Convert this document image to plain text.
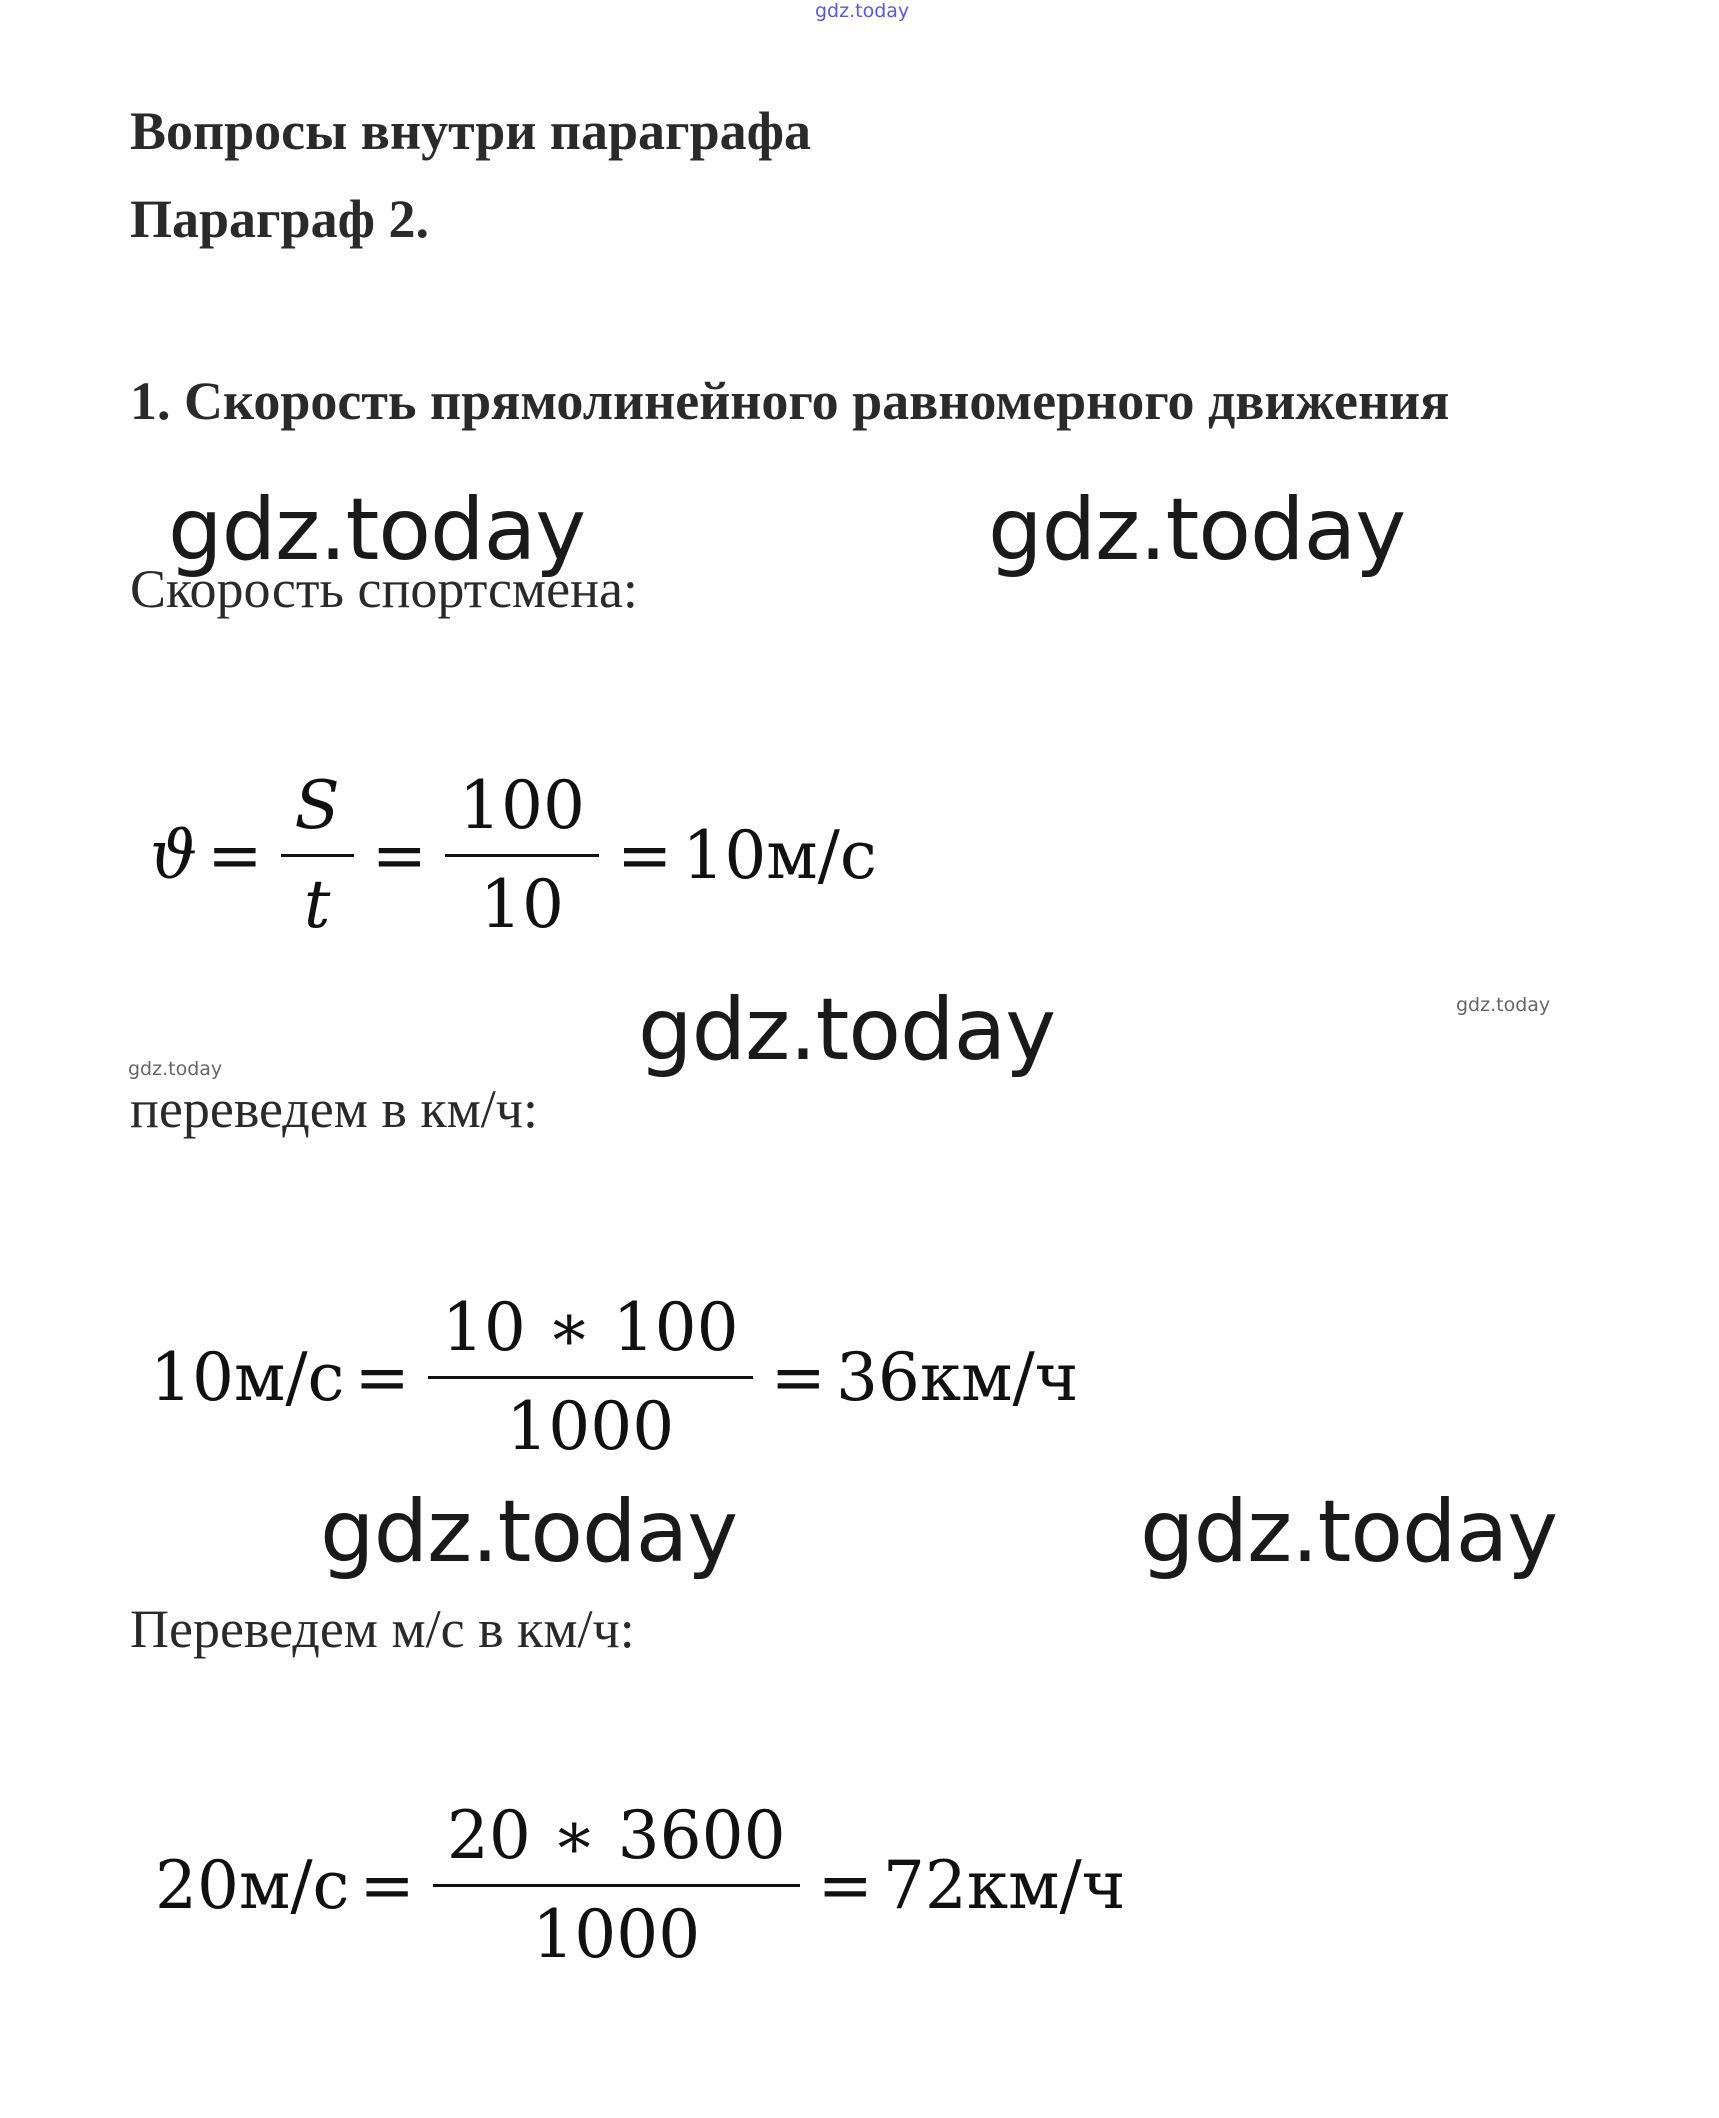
gdz.today
gdz.today	gdz.today
gdz.today
gdz.today	gdz.today
gdz.today	gdz.today
Вопросы внутри параграфа
Параграф 2.
1. Скорость прямолинейного равномерного движения
Скорость спортсмена:
переведем в км/ч:
Переведем м/с в км/ч:
$ϑ = \frac{S}{t} = \frac{100}{10} = 10м/с$
$10м/с = \frac{10 ∗ 100}{1000} = 36км/ч$
$20м/с = \frac{20 ∗ 3600}{1000} = 72км/ч$
